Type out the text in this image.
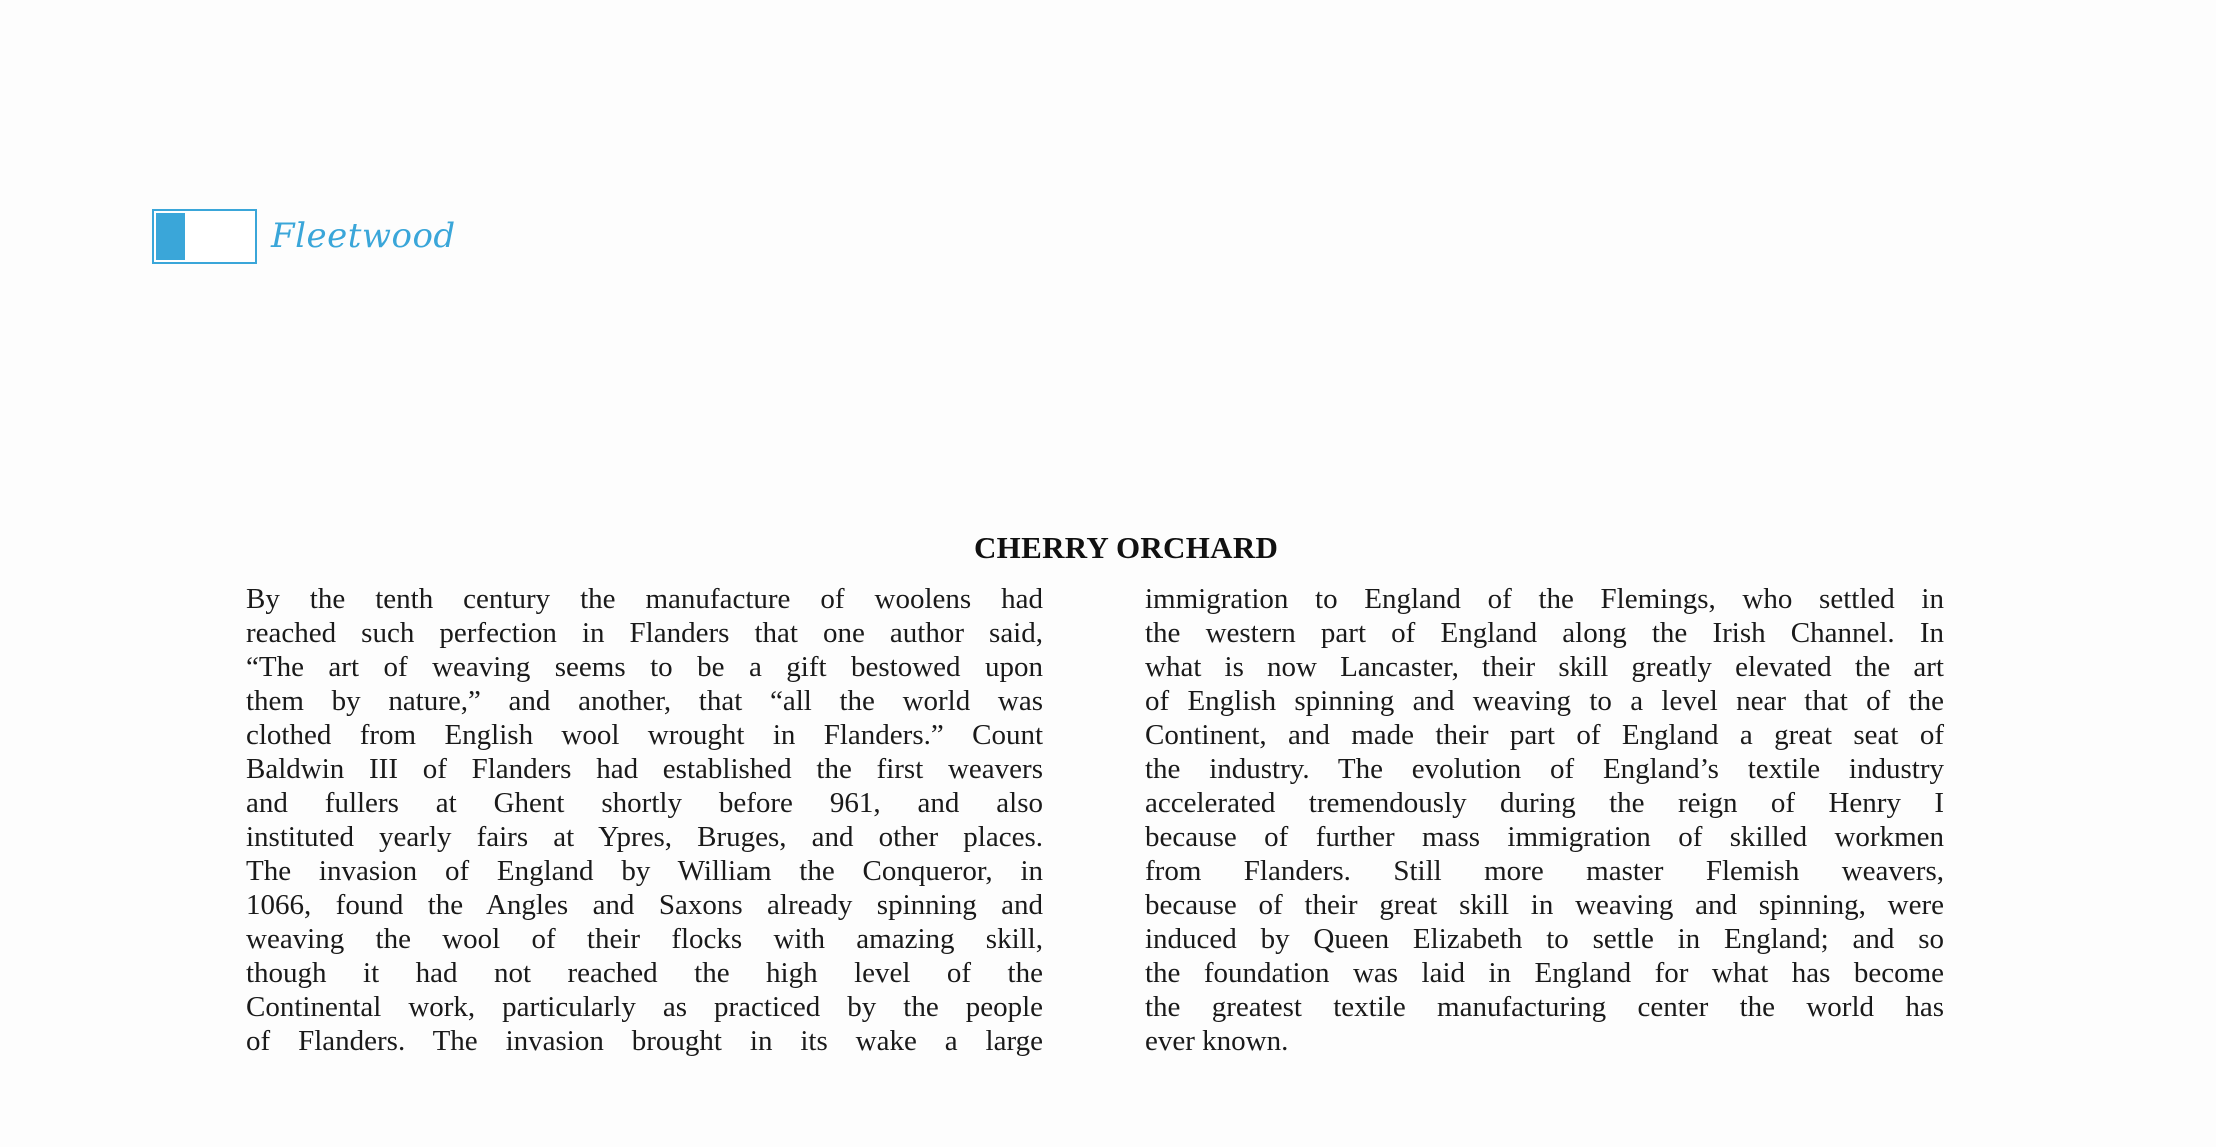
Fleetwood
CHERRY ORCHARD
By the tenth century the manufacture of woolens had
reached such perfection in Flanders that one author said,
“The art of weaving seems to be a gift bestowed upon
them by nature,” and another, that “all the world was
clothed from English wool wrought in Flanders.” Count
Baldwin III of Flanders had established the first weavers
and fullers at Ghent shortly before 961, and also
instituted yearly fairs at Ypres, Bruges, and other places.
The invasion of England by William the Conqueror, in
1066, found the Angles and Saxons already spinning and
weaving the wool of their flocks with amazing skill,
though it had not reached the high level of the
Continental work, particularly as practiced by the people
of Flanders. The invasion brought in its wake a large
immigration to England of the Flemings, who settled in
the western part of England along the Irish Channel. In
what is now Lancaster, their skill greatly elevated the art
of English spinning and weaving to a level near that of the
Continent, and made their part of England a great seat of
the industry. The evolution of England’s textile industry
accelerated tremendously during the reign of Henry I
because of further mass immigration of skilled workmen
from Flanders. Still more master Flemish weavers,
because of their great skill in weaving and spinning, were
induced by Queen Elizabeth to settle in England; and so
the foundation was laid in England for what has become
the greatest textile manufacturing center the world has
ever known.
